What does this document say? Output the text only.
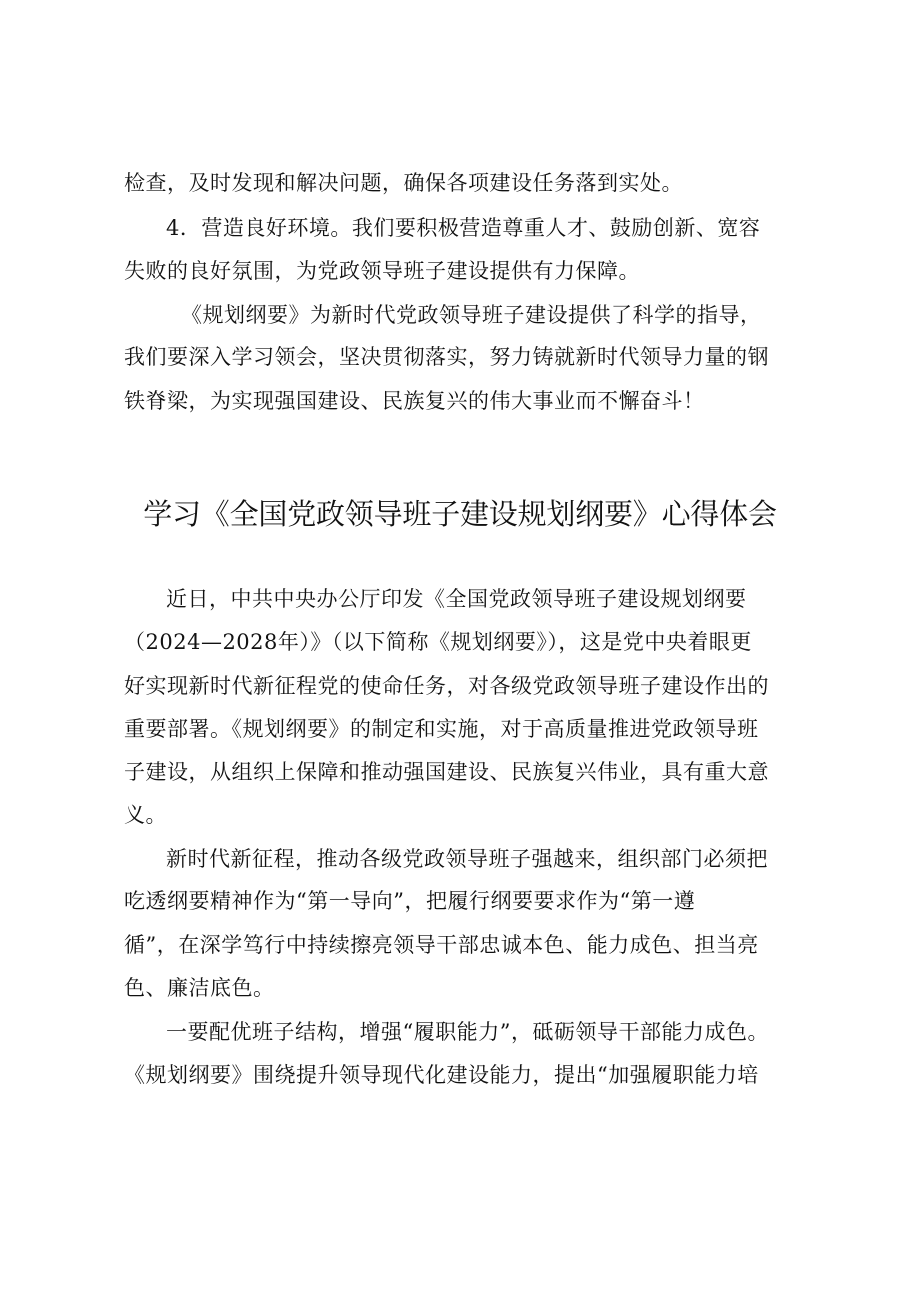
检查，及时发现和解决问题，确保各项建设任务落到实处。
4．营造良好环境。我们要积极营造尊重人才、鼓励创新、宽容
失败的良好氛围，为党政领导班子建设提供有力保障。
《规划纲要》为新时代党政领导班子建设提供了科学的指导，
我们要深入学习领会，坚决贯彻落实，努力铸就新时代领导力量的钢
铁脊梁，为实现强国建设、民族复兴的伟大事业而不懈奋斗！
学习《全国党政领导班子建设规划纲要》心得体会
近日，中共中央办公厅印发《全国党政领导班子建设规划纲要
（2024—2028年）》（以下简称《规划纲要》），这是党中央着眼更
好实现新时代新征程党的使命任务，对各级党政领导班子建设作出的
重要部署。《规划纲要》的制定和实施，对于高质量推进党政领导班
子建设，从组织上保障和推动强国建设、民族复兴伟业，具有重大意
义。
新时代新征程，推动各级党政领导班子强越来，组织部门必须把
吃透纲要精神作为“第一导向”，把履行纲要要求作为“第一遵
循”，在深学笃行中持续擦亮领导干部忠诚本色、能力成色、担当亮
色、廉洁底色。
一要配优班子结构，增强“履职能力”，砥砺领导干部能力成色。
《规划纲要》围绕提升领导现代化建设能力，提出“加强履职能力培
